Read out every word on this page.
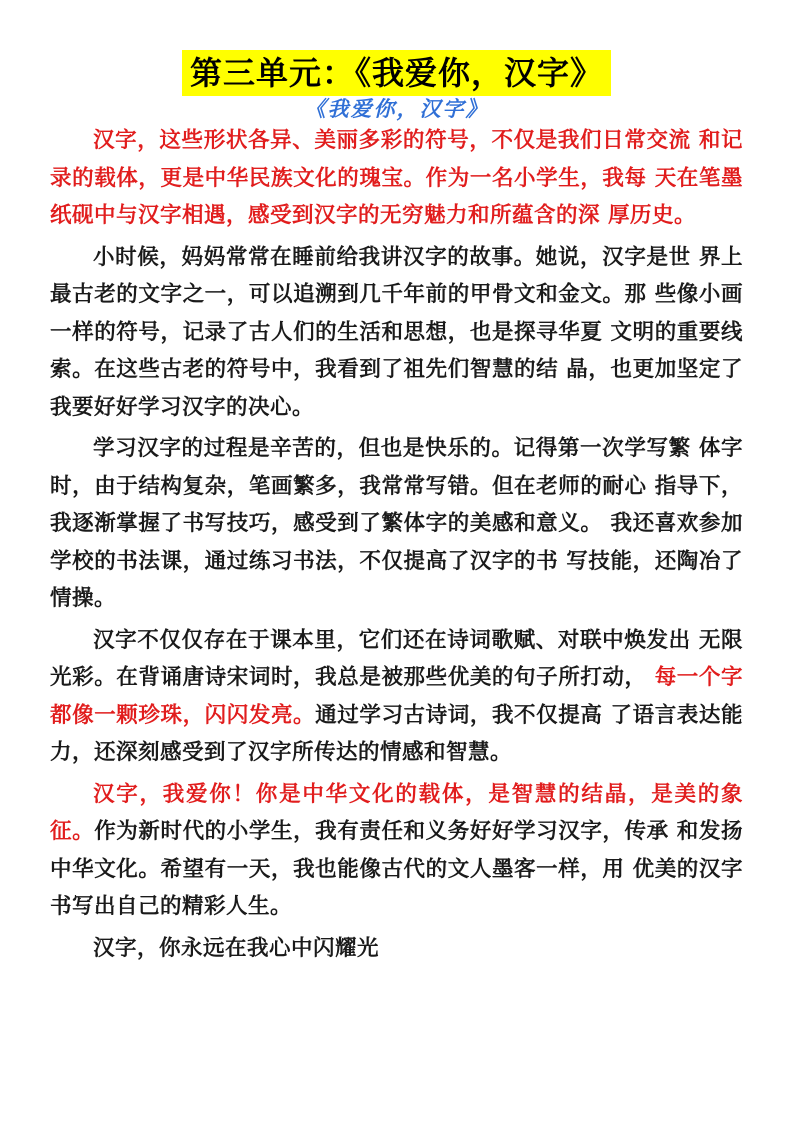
第三单元：《我爱你，汉字》
《我爱你，汉字》

汉字，这些形状各异、美丽多彩的符号，不仅是我们日常交流 和记录的载体，更是中华民族文化的瑰宝。作为一名小学生，我每 天在笔墨纸砚中与汉字相遇，感受到汉字的无穷魅力和所蕴含的深 厚历史。

小时候，妈妈常常在睡前给我讲汉字的故事。她说，汉字是世 界上最古老的文字之一，可以追溯到几千年前的甲骨文和金文。那 些像小画一样的符号，记录了古人们的生活和思想，也是探寻华夏 文明的重要线索。在这些古老的符号中，我看到了祖先们智慧的结 晶，也更加坚定了我要好好学习汉字的决心。

学习汉字的过程是辛苦的，但也是快乐的。记得第一次学写繁 体字时，由于结构复杂，笔画繁多，我常常写错。但在老师的耐心 指导下，我逐渐掌握了书写技巧，感受到了繁体字的美感和意义。 我还喜欢参加学校的书法课，通过练习书法，不仅提高了汉字的书 写技能，还陶冶了情操。

汉字不仅仅存在于课本里，它们还在诗词歌赋、对联中焕发出 无限光彩。在背诵唐诗宋词时，我总是被那些优美的句子所打动， 每一个字都像一颗珍珠，闪闪发亮。通过学习古诗词，我不仅提高 了语言表达能力，还深刻感受到了汉字所传达的情感和智慧。

汉字，我爱你！你是中华文化的载体，是智慧的结晶，是美的象征。作为新时代的小学生，我有责任和义务好好学习汉字，传承 和发扬中华文化。希望有一天，我也能像古代的文人墨客一样，用 优美的汉字书写出自己的精彩人生。

汉字，你永远在我心中闪耀光
